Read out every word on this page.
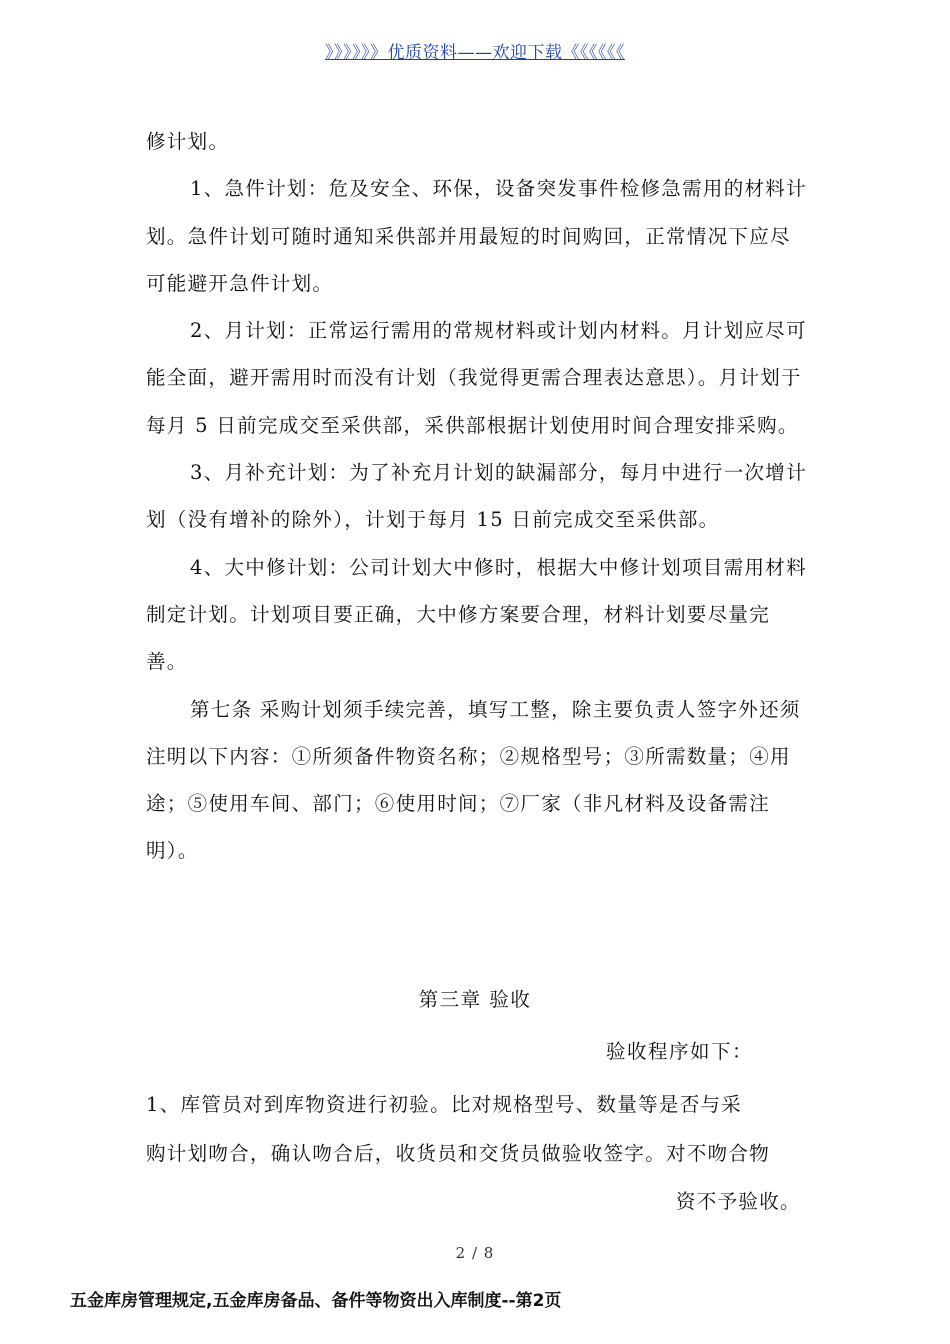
》》》》》》优质资料——欢迎下载《《《《《《

修计划。

1、急件计划：危及安全、环保，设备突发事件检修急需用的材料计划。急件计划可随时通知采供部并用最短的时间购回，正常情况下应尽可能避开急件计划。

2、月计划：正常运行需用的常规材料或计划内材料。月计划应尽可能全面，避开需用时而没有计划（我觉得更需合理表达意思）。月计划于每月 5 日前完成交至采供部，采供部根据计划使用时间合理安排采购。

3、月补充计划：为了补充月计划的缺漏部分，每月中进行一次增计划（没有增补的除外），计划于每月 15 日前完成交至采供部。

4、大中修计划：公司计划大中修时，根据大中修计划项目需用材料制定计划。计划项目要正确，大中修方案要合理，材料计划要尽量完善。

第七条 采购计划须手续完善，填写工整，除主要负责人签字外还须注明以下内容：①所须备件物资名称；②规格型号；③所需数量；④用途；⑤使用车间、部门；⑥使用时间；⑦厂家（非凡材料及设备需注明）。

第三章 验收
验收程序如下：
1、库管员对到库物资进行初验。比对规格型号、数量等是否与采
购计划吻合，确认吻合后，收货员和交货员做验收签字。对不吻合物
资不予验收。
2 / 8
五金库房管理规定,五金库房备品、备件等物资出入库制度--第2页
